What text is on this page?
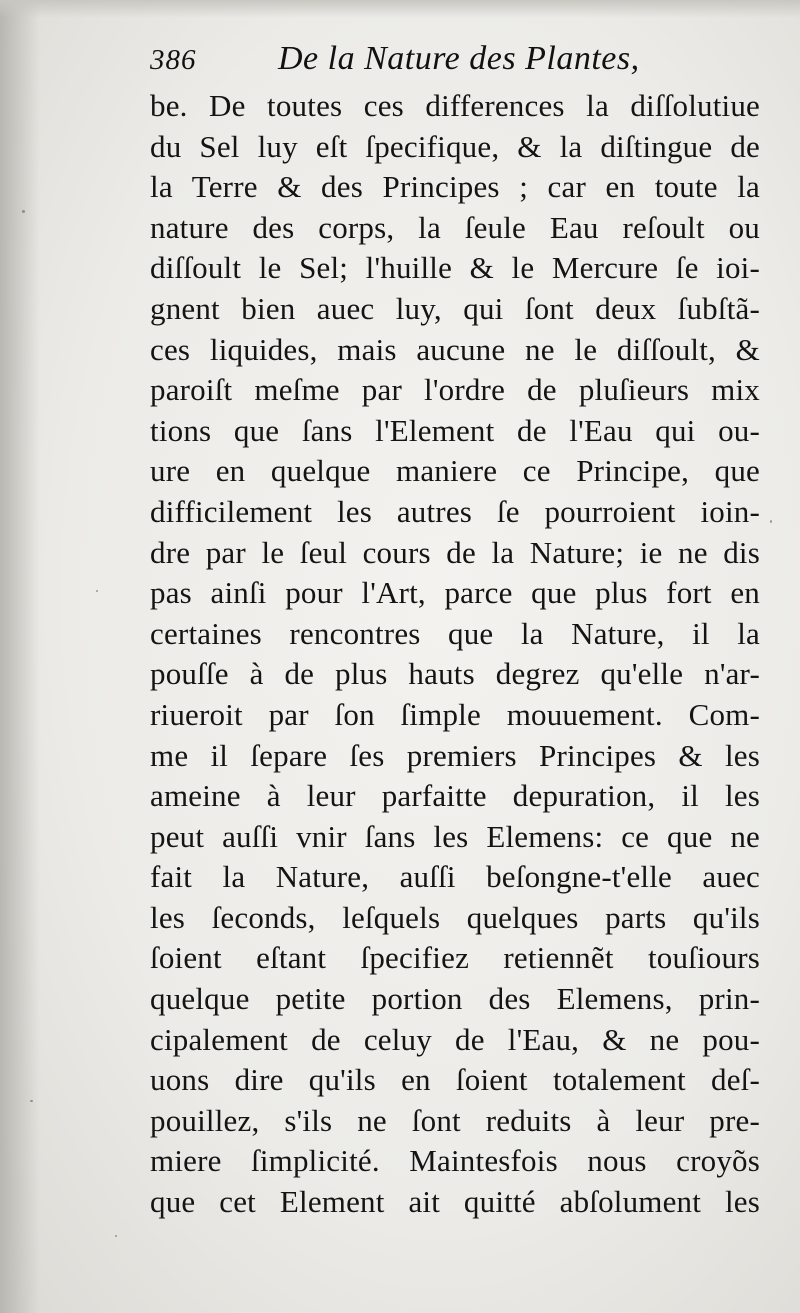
386 De la Nature des Plantes,
be. De toutes ces differences la diſſolutiue
du Sel luy eſt ſpecifique, & la diſtingue de
la Terre & des Principes ; car en toute la
nature des corps, la ſeule Eau reſoult ou
diſſoult le Sel; l'huille & le Mercure ſe ioi-
gnent bien auec luy, qui ſont deux ſubſtã-
ces liquides, mais aucune ne le diſſoult, &
paroiſt meſme par l'ordre de pluſieurs mix
tions que ſans l'Element de l'Eau qui ou-
ure en quelque maniere ce Principe, que
difficilement les autres ſe pourroient ioin-
dre par le ſeul cours de la Nature; ie ne dis
pas ainſi pour l'Art, parce que plus fort en
certaines rencontres que la Nature, il la
pouſſe à de plus hauts degrez qu'elle n'ar-
riueroit par ſon ſimple mouuement. Com-
me il ſepare ſes premiers Principes & les
ameine à leur parfaitte depuration, il les
peut auſſi vnir ſans les Elemens: ce que ne
fait la Nature, auſſi beſongne-t'elle auec
les ſeconds, leſquels quelques parts qu'ils
ſoient eſtant ſpecifiez retiennẽt touſiours
quelque petite portion des Elemens, prin-
cipalement de celuy de l'Eau, & ne pou-
uons dire qu'ils en ſoient totalement deſ-
pouillez, s'ils ne ſont reduits à leur pre-
miere ſimplicité. Maintesfois nous croyõs
que cet Element ait quitté abſolument les
